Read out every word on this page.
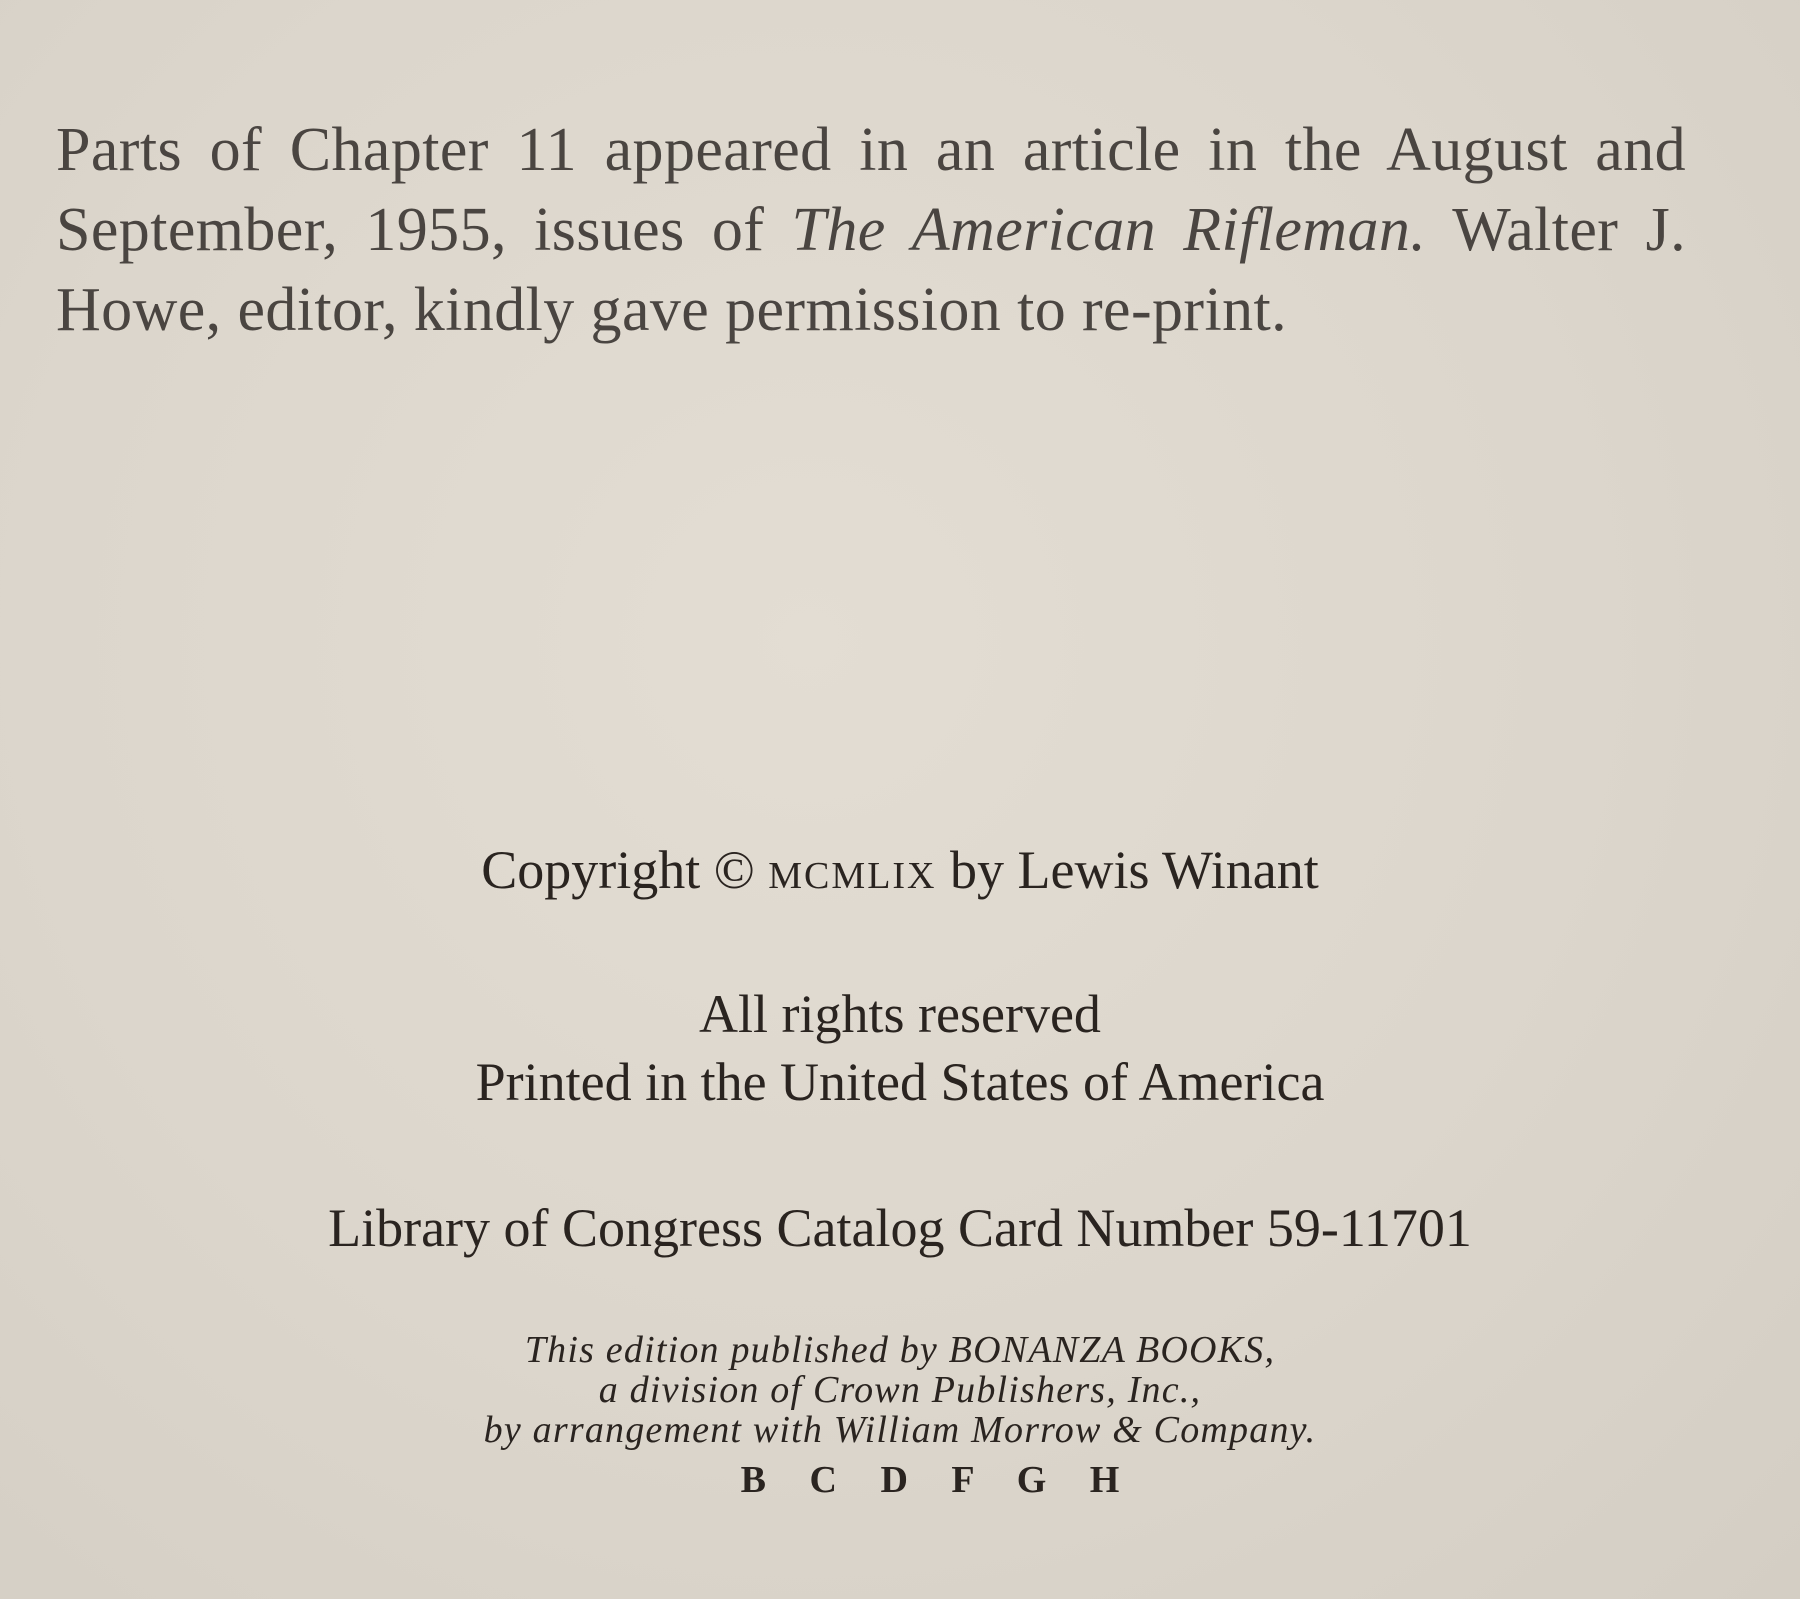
Parts of Chapter 11 appeared in an article in the August and September, 1955, issues of The American Rifleman. Walter J. Howe, editor, kindly gave permission to re-print.

Copyright © mcmlix by Lewis Winant
All rights reserved
Printed in the United States of America
Library of Congress Catalog Card Number 59-11701
This edition published by BONANZA BOOKS,
a division of Crown Publishers, Inc.,
by arrangement with William Morrow & Company.
B C D F G H
